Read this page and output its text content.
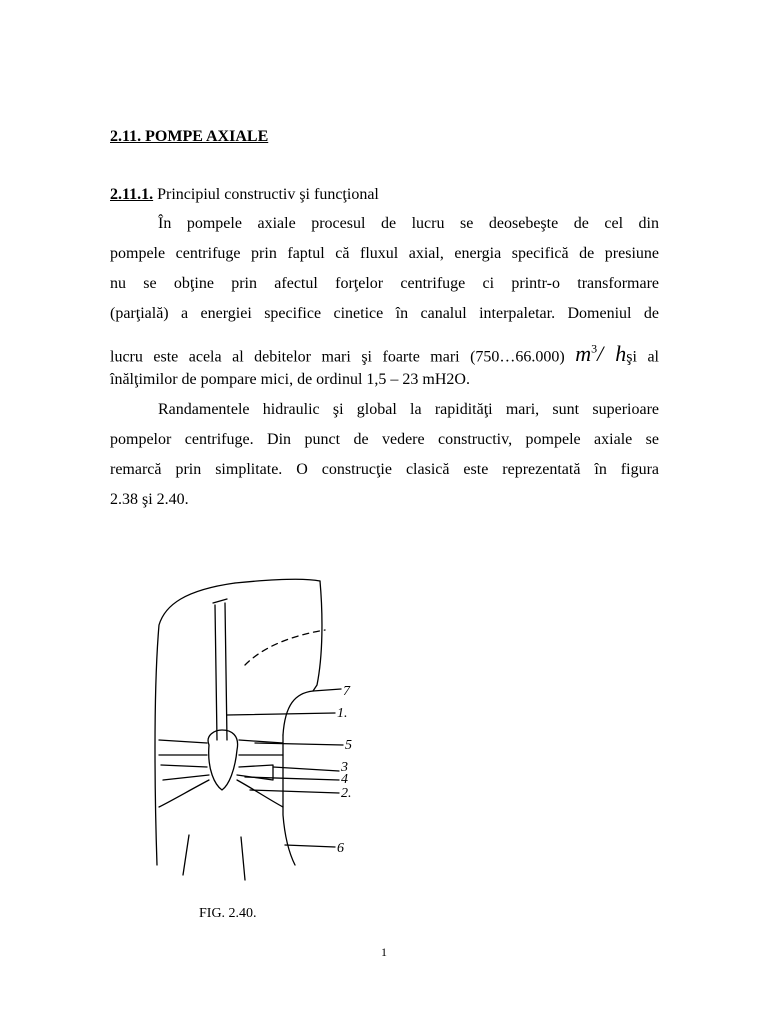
2.11. POMPE AXIALE
2.11.1. Principiul constructiv şi funcţional
În pompele axiale procesul de lucru se deosebeşte de cel din
pompele centrifuge prin faptul că fluxul axial, energia specifică de presiune
nu se obţine prin afectul forţelor centrifuge ci printr-o transformare
(parţială) a energiei specifice cinetice în canalul interpaletar. Domeniul de
lucru este acela al debitelor mari şi foarte mari (750…66.000) $m^3/$ hşi al
înălţimilor de pompare mici, de ordinul 1,5 – 23 mH2O.
Randamentele hidraulic şi global la rapidităţi mari, sunt superioare
pompelor centrifuge. Din punct de vedere constructiv, pompele axiale se
remarcă prin simplitate. O construcţie clasică este reprezentată în figura
2.38 şi 2.40.
7
1.
5
3
4
2.
6
FIG. 2.40.
1
